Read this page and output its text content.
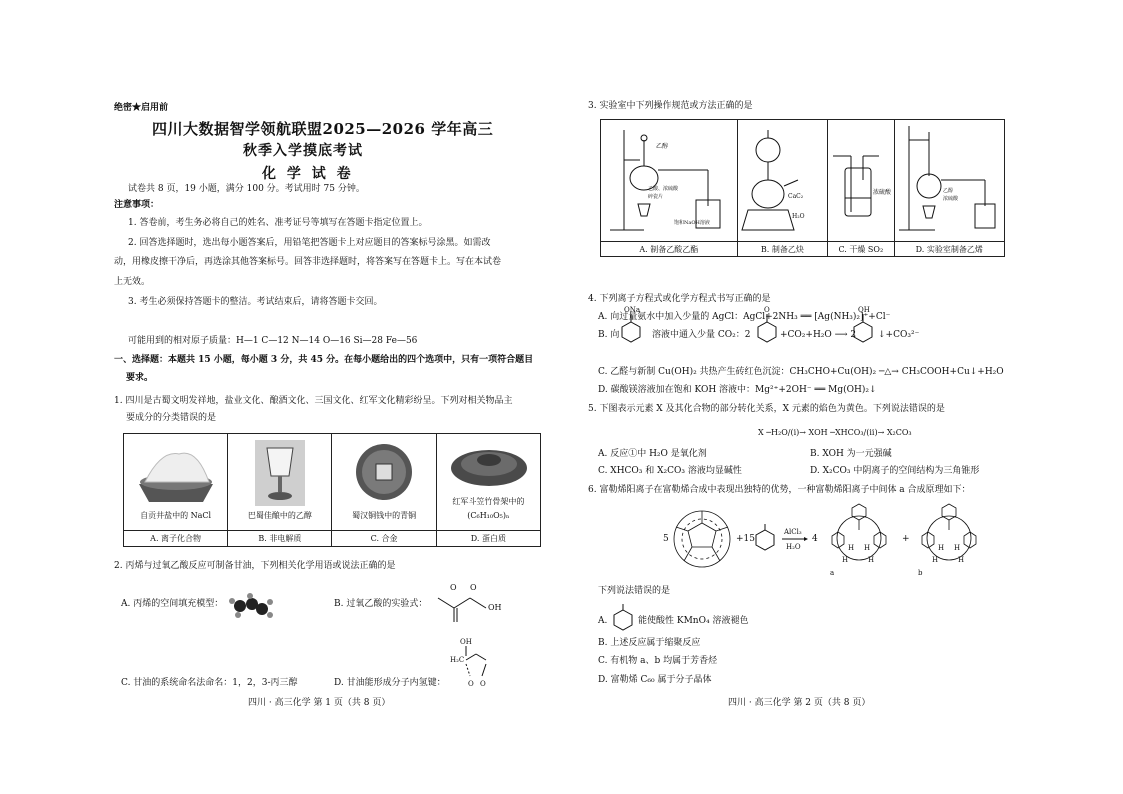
绝密★启用前
四川大数据智学领航联盟2025—2026 学年高三
秋季入学摸底考试
化 学 试 卷
试卷共 8 页，19 小题，满分 100 分。考试用时 75 分钟。
注意事项：
1. 答卷前，考生务必将自己的姓名、准考证号等填写在答题卡指定位置上。
2. 回答选择题时，选出每小题答案后，用铅笔把答题卡上对应题目的答案标号涂黑。如需改
动，用橡皮擦干净后，再选涂其他答案标号。回答非选择题时，将答案写在答题卡上。写在本试卷
上无效。
3. 考生必须保持答题卡的整洁。考试结束后，请将答题卡交回。
可能用到的相对原子质量：H—1 C—12 N—14 O—16 Si—28 Fe—56
一、选择题：本题共 15 小题，每小题 3 分，共 45 分。在每小题给出的四个选项中，只有一项符合题目
要求。
1. 四川是古蜀文明发祥地，盐业文化、酿酒文化、三国文化、红军文化精彩纷呈。下列对相关物品主
要成分的分类错误的是
自贡井盐中的 NaCl	巴蜀佳酿中的乙醇	蜀汉铜钱中的青铜	红军斗笠竹骨架中的
(C₆H₁₀O₅)ₙ

A. 离子化合物	B. 非电解质	C. 合金	D. 蛋白质
2. 丙烯与过氧乙酸反应可制备甘油，下列相关化学用语或说法正确的是
A. 丙烯的空间填充模型：	B. 过氧乙酸的实验式：
O O
OH
C. 甘油的系统命名法命名：1，2，3-丙三醇	D. 甘油能形成分子内氢键：
OH
H₂C
O O
四川 · 高三化学 第 1 页（共 8 页）
3. 实验室中下列操作规范或方法正确的是
乙醇
乙酸、浓硫酸
碎瓷片
饱和NaOH溶液	CaC₂
H₂O	浓硫酸	乙醇
浓硫酸

A. 制备乙酸乙酯	B. 制备乙炔	C. 干燥 SO₂	D. 实验室制备乙烯
4. 下列离子方程式或化学方程式书写正确的是
A. 向过量氨水中加入少量的 AgCl：AgCl+2NH₃ ══ [Ag(NH₃)₂]⁺+Cl⁻
B. 向
ONa
溶液中通入少量 CO₂：2
O
+CO₂+H₂O ⟶ 2
OH
↓+CO₃²⁻
C. 乙醛与新制 Cu(OH)₂ 共热产生砖红色沉淀：CH₃CHO+Cu(OH)₂ ─△→ CH₃COOH+Cu↓+H₂O
D. 碳酸镁溶液加在饱和 KOH 溶液中：Mg²⁺+2OH⁻ ══ Mg(OH)₂↓
5. 下图表示元素 X 及其化合物的部分转化关系，X 元素的焰色为黄色。下列说法错误的是
X ─H₂O/(i)→ XOH ─XHCO₃/(ii)→ X₂CO₃
A. 反应①中 H₂O 是氧化剂	B. XOH 为一元强碱
C. XHCO₃ 和 X₂CO₃ 溶液均显碱性	D. X₂CO₃ 中阴离子的空间结构为三角锥形
6. 富勒烯阳离子在富勒烯合成中表现出独特的优势，一种富勒烯阳离子中间体 a 合成原理如下：
5	+15
AlCl₃
H₂O
4
H H
H	H
a
+
H H
H	H
b
下列说法错误的是
A.	能使酸性 KMnO₄ 溶液褪色
B. 上述反应属于缩聚反应
C. 有机物 a、b 均属于芳香烃
D. 富勒烯 C₆₀ 属于分子晶体
四川 · 高三化学 第 2 页（共 8 页）
